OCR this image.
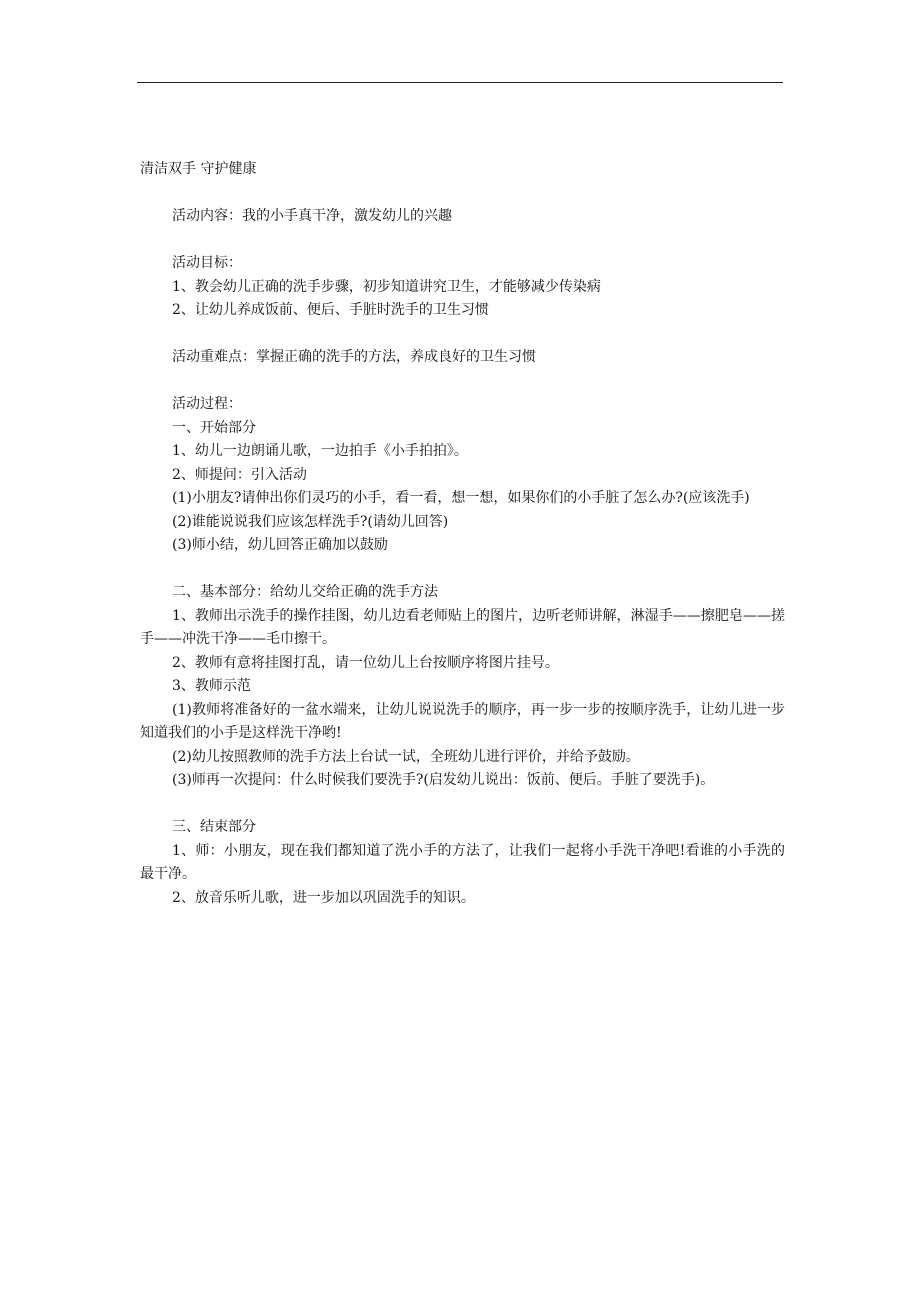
清洁双手 守护健康

活动内容：我的小手真干净，激发幼儿的兴趣

活动目标：

1、教会幼儿正确的洗手步骤，初步知道讲究卫生，才能够减少传染病

2、让幼儿养成饭前、便后、手脏时洗手的卫生习惯

活动重难点：掌握正确的洗手的方法，养成良好的卫生习惯

活动过程：

一、开始部分

1、幼儿一边朗诵儿歌，一边拍手《小手拍拍》。

2、师提问：引入活动

(1)小朋友?请伸出你们灵巧的小手，看一看，想一想，如果你们的小手脏了怎么办?(应该洗手)

(2)谁能说说我们应该怎样洗手?(请幼儿回答)

(3)师小结，幼儿回答正确加以鼓励

二、基本部分：给幼儿交给正确的洗手方法

1、教师出示洗手的操作挂图，幼儿边看老师贴上的图片，边听老师讲解，淋湿手——擦肥皂——搓手——冲洗干净——毛巾擦干。

2、教师有意将挂图打乱，请一位幼儿上台按顺序将图片挂号。

3、教师示范

(1)教师将准备好的一盆水端来，让幼儿说说洗手的顺序，再一步一步的按顺序洗手，让幼儿进一步知道我们的小手是这样洗干净哟!

(2)幼儿按照教师的洗手方法上台试一试，全班幼儿进行评价，并给予鼓励。

(3)师再一次提问：什么时候我们要洗手?(启发幼儿说出：饭前、便后。手脏了要洗手)。

三、结束部分

1、师：小朋友，现在我们都知道了洗小手的方法了，让我们一起将小手洗干净吧!看谁的小手洗的最干净。

2、放音乐听儿歌，进一步加以巩固洗手的知识。
